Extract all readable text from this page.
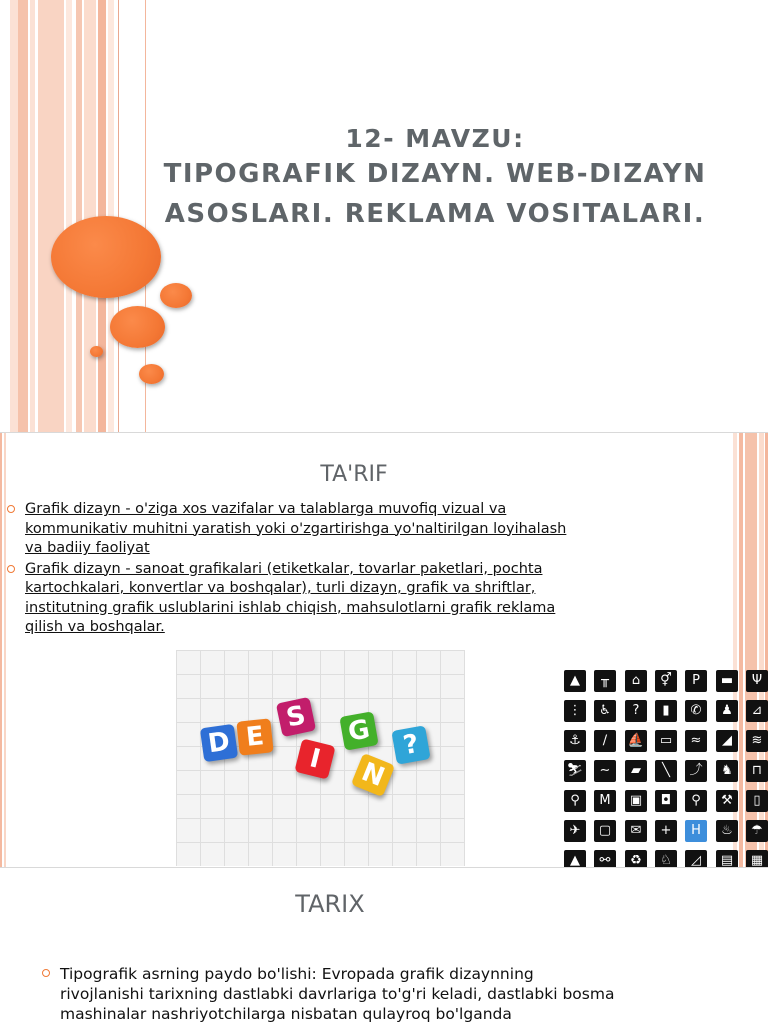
12- MAVZU:
TIPOGRAFIK DIZAYN. WEB-DIZAYN
ASOSLARI. REKLAMA VOSITALARI.
TA'RIF
Grafik dizayn - o'ziga xos vazifalar va talablarga muvofiq vizual va kommunikativ muhitni yaratish yoki o'zgartirishga yo'naltirilgan loyihalash va badiiy faoliyat
Grafik dizayn - sanoat grafikalari (etiketkalar, tovarlar paketlari, pochta kartochkalari, konvertlar va boshqalar), turli dizayn, grafik va shriftlar, institutning grafik uslublarini ishlab chiqish, mahsulotlarni grafik reklama qilish va boshqalar.
D E
S
I
G
N
?
▲	╥	⌂	⚥	P	▬	Ψ
⋮	♿	?	▮	✆	♟	⊿
⚓	∕	⛵	▭	≈	◢	≋
⛷	∼	▰	╲	⤴	♞	⊓
⚲	M	▣	◘	⚲	⚒	▯
✈	▢	✉	+	H	♨	☂
▲	⚯	♻	♘	◿	▤	▦
TARIX
Tipografik asrning paydo bo'lishi: Evropada grafik dizaynning rivojlanishi tarixning dastlabki davrlariga to'g'ri keladi, dastlabki bosma mashinalar nashriyotchilarga nisbatan qulayroq bo'lganda
